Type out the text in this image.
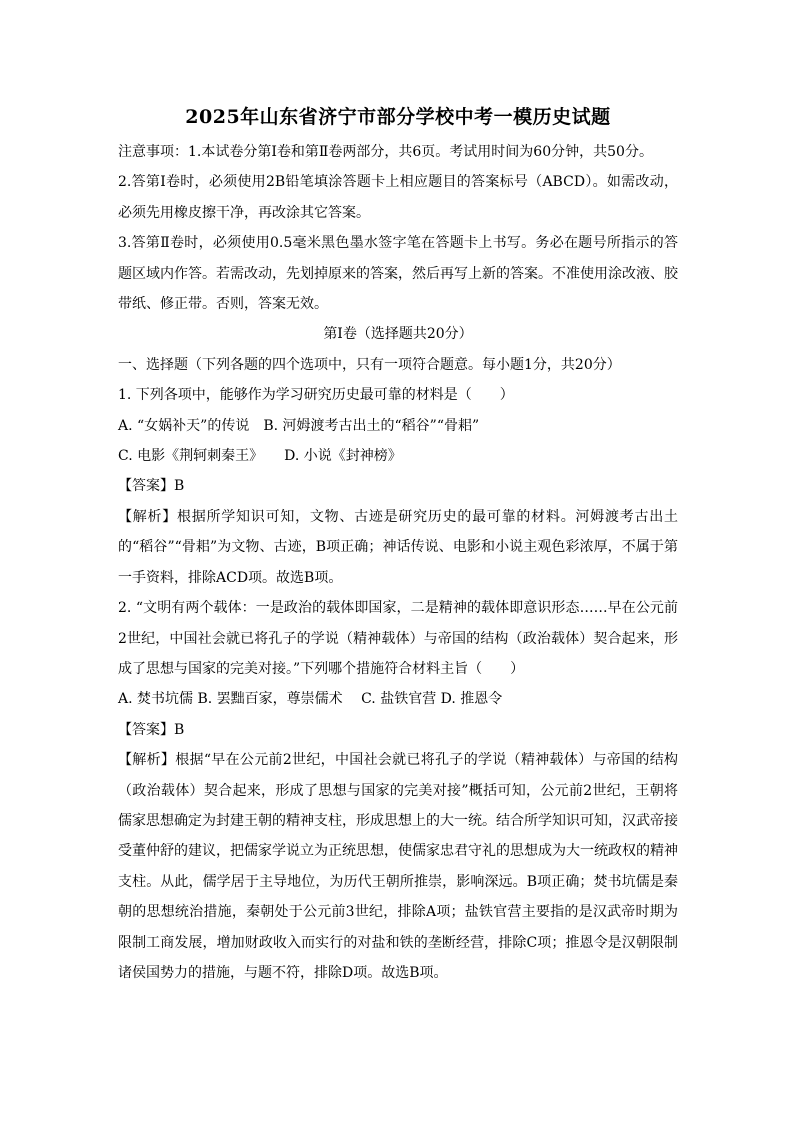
2025年山东省济宁市部分学校中考一模历史试题

注意事项：1.本试卷分第Ⅰ卷和第Ⅱ卷两部分，共6页。考试用时间为60分钟，共50分。

2.答第Ⅰ卷时，必须使用2B铅笔填涂答题卡上相应题目的答案标号（ABCD）。如需改动，必须先用橡皮擦干净，再改涂其它答案。

3.答第Ⅱ卷时，必须使用0.5毫米黑色墨水签字笔在答题卡上书写。务必在题号所指示的答题区域内作答。若需改动，先划掉原来的答案，然后再写上新的答案。不准使用涂改液、胶带纸、修正带。否则，答案无效。

第Ⅰ卷（选择题共20分）

一、选择题（下列各题的四个选项中，只有一项符合题意。每小题1分，共20分）

1. 下列各项中，能够作为学习研究历史最可靠的材料是（　　）

A. “女娲补天”的传说　B. 河姆渡考古出土的“稻谷”“骨耜”

C. 电影《荆轲刺秦王》　　D. 小说《封神榜》

【答案】B

【解析】根据所学知识可知，文物、古迹是研究历史的最可靠的材料。河姆渡考古出土的“稻谷”“骨耜”为文物、古迹，B项正确；神话传说、电影和小说主观色彩浓厚，不属于第一手资料，排除ACD项。故选B项。

2. “文明有两个载体：一是政治的载体即国家，二是精神的载体即意识形态……早在公元前2世纪，中国社会就已将孔子的学说（精神载体）与帝国的结构（政治载体）契合起来，形成了思想与国家的完美对接。”下列哪个措施符合材料主旨（　　）

A. 焚书坑儒 B. 罢黜百家，尊崇儒术　 C. 盐铁官营 D. 推恩令

【答案】B

【解析】根据“早在公元前2世纪，中国社会就已将孔子的学说（精神载体）与帝国的结构（政治载体）契合起来，形成了思想与国家的完美对接”概括可知，公元前2世纪，王朝将儒家思想确定为封建王朝的精神支柱，形成思想上的大一统。结合所学知识可知，汉武帝接受董仲舒的建议，把儒家学说立为正统思想，使儒家忠君守礼的思想成为大一统政权的精神支柱。从此，儒学居于主导地位，为历代王朝所推崇，影响深远。B项正确；焚书坑儒是秦朝的思想统治措施，秦朝处于公元前3世纪，排除A项；盐铁官营主要指的是汉武帝时期为限制工商发展，增加财政收入而实行的对盐和铁的垄断经营，排除C项；推恩令是汉朝限制诸侯国势力的措施，与题不符，排除D项。故选B项。
